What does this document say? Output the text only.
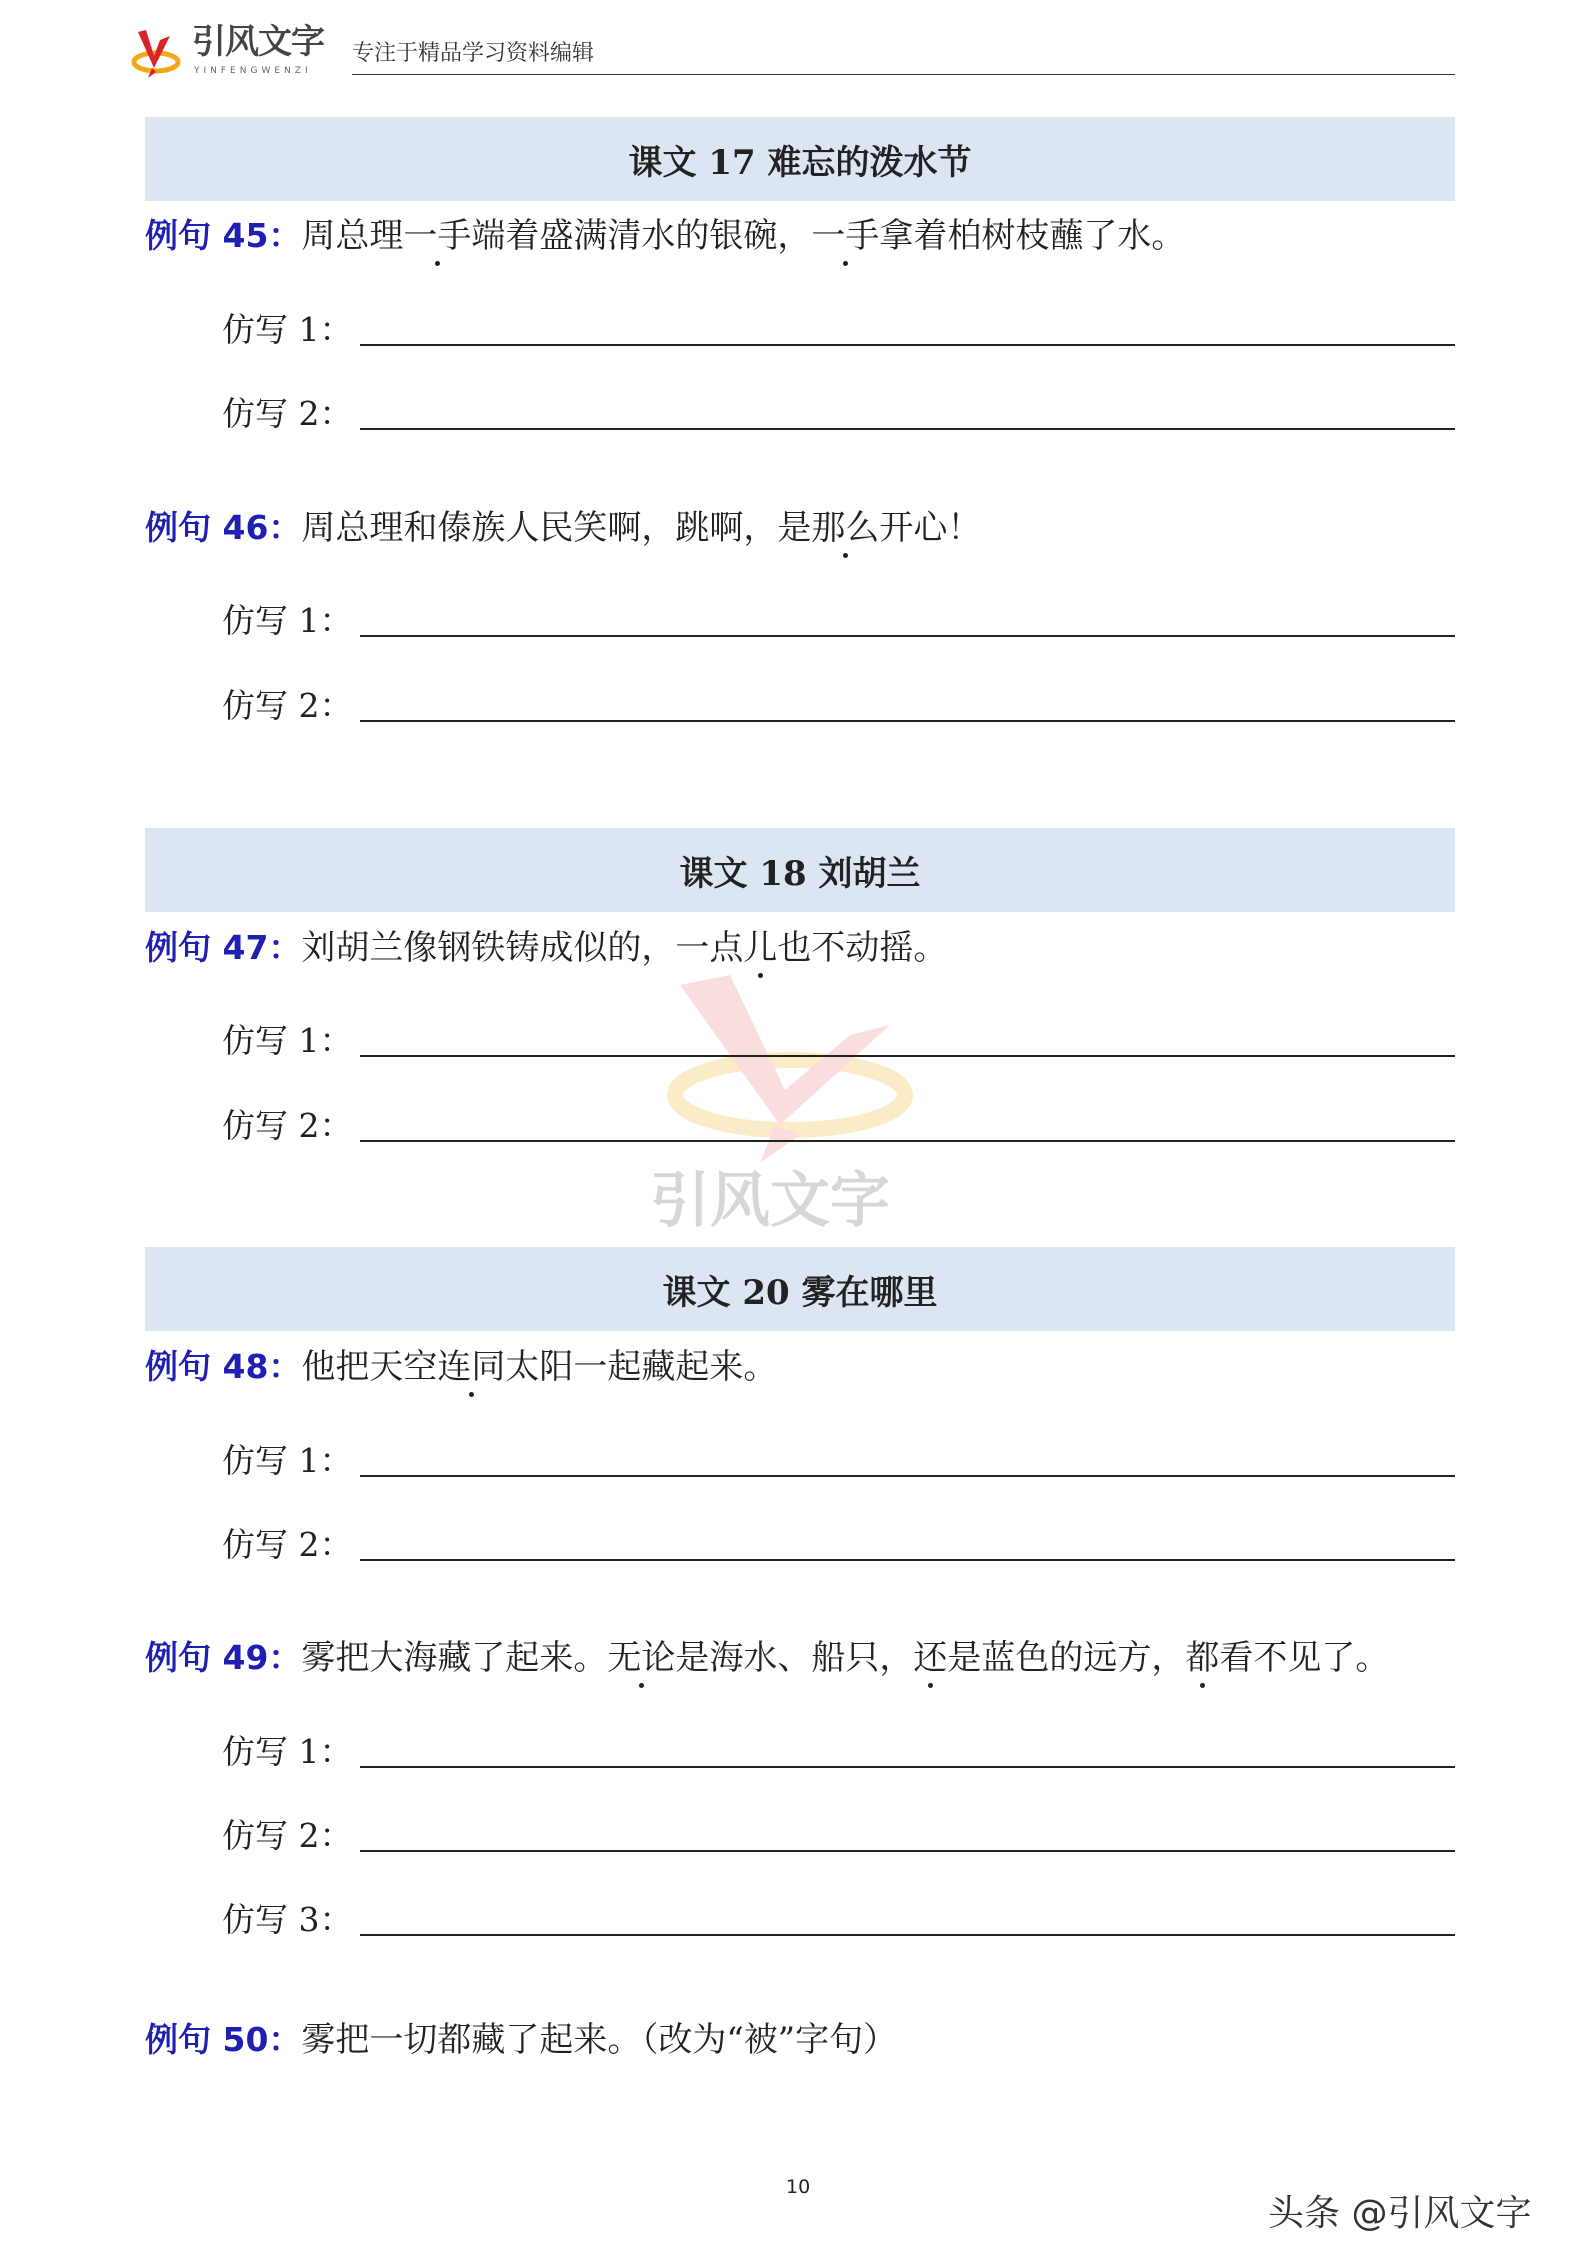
引风文字
YINFENGWENZI
专注于精品学习资料编辑
引风文字
课文 17 难忘的泼水节
课文 18 刘胡兰
课文 20 雾在哪里
例句 45：周总理一手端着盛满清水的银碗，一手拿着柏树枝蘸了水。
仿写 1：
仿写 2：
例句 46：周总理和傣族人民笑啊，跳啊，是那么开心！
仿写 1：
仿写 2：
例句 47：刘胡兰像钢铁铸成似的，一点儿也不动摇。
仿写 1：
仿写 2：
例句 48：他把天空连同太阳一起藏起来。
仿写 1：
仿写 2：
例句 49：雾把大海藏了起来。无论是海水、船只，还是蓝色的远方，都看不见了。
仿写 1：
仿写 2：
仿写 3：
例句 50：雾把一切都藏了起来。（改为“被”字句）
10
头条 @引风文字
